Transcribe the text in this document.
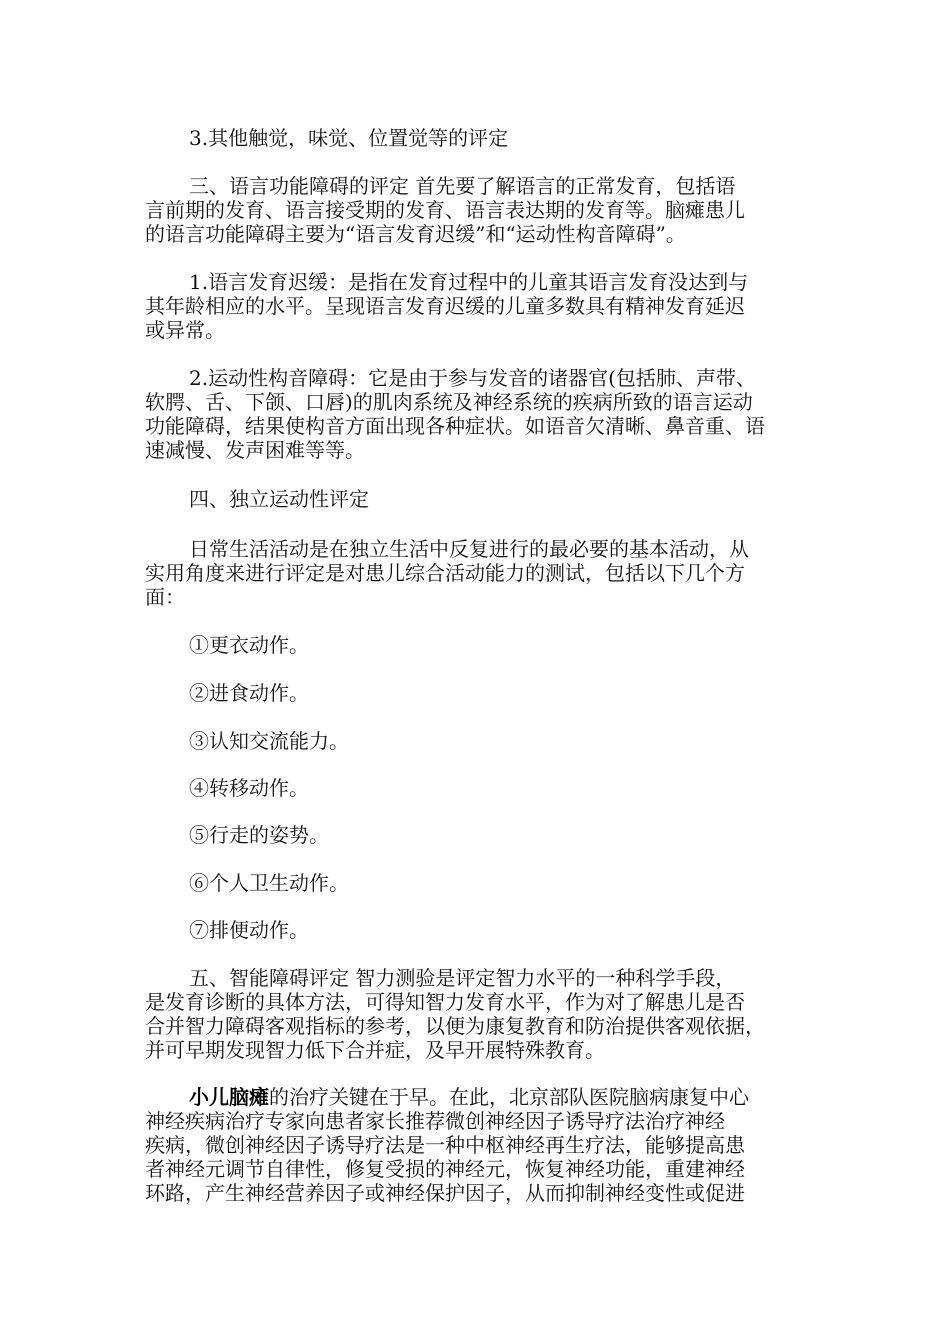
3.其他触觉，味觉、位置觉等的评定

三、语言功能障碍的评定 首先要了解语言的正常发育，包括语
言前期的发育、语言接受期的发育、语言表达期的发育等。脑瘫患儿
的语言功能障碍主要为“语言发育迟缓”和“运动性构音障碍”。

1.语言发育迟缓：是指在发育过程中的儿童其语言发育没达到与
其年龄相应的水平。呈现语言发育迟缓的儿童多数具有精神发育延迟
或异常。

2.运动性构音障碍：它是由于参与发音的诸器官(包括肺、声带、
软腭、舌、下颌、口唇)的肌肉系统及神经系统的疾病所致的语言运动
功能障碍，结果使构音方面出现各种症状。如语音欠清晰、鼻音重、语
速减慢、发声困难等等。

四、独立运动性评定

日常生活活动是在独立生活中反复进行的最必要的基本活动，从
实用角度来进行评定是对患儿综合活动能力的测试，包括以下几个方
面：

①更衣动作。

②进食动作。

③认知交流能力。

④转移动作。

⑤行走的姿势。

⑥个人卫生动作。

⑦排便动作。

五、智能障碍评定 智力测验是评定智力水平的一种科学手段，
是发育诊断的具体方法，可得知智力发育水平，作为对了解患儿是否
合并智力障碍客观指标的参考，以便为康复教育和防治提供客观依据，
并可早期发现智力低下合并症，及早开展特殊教育。

小儿脑瘫的治疗关键在于早。在此，北京部队医院脑病康复中心
神经疾病治疗专家向患者家长推荐微创神经因子诱导疗法治疗神经
疾病，微创神经因子诱导疗法是一种中枢神经再生疗法，能够提高患
者神经元调节自律性，修复受损的神经元，恢复神经功能，重建神经
环路，产生神经营养因子或神经保护因子，从而抑制神经变性或促进
